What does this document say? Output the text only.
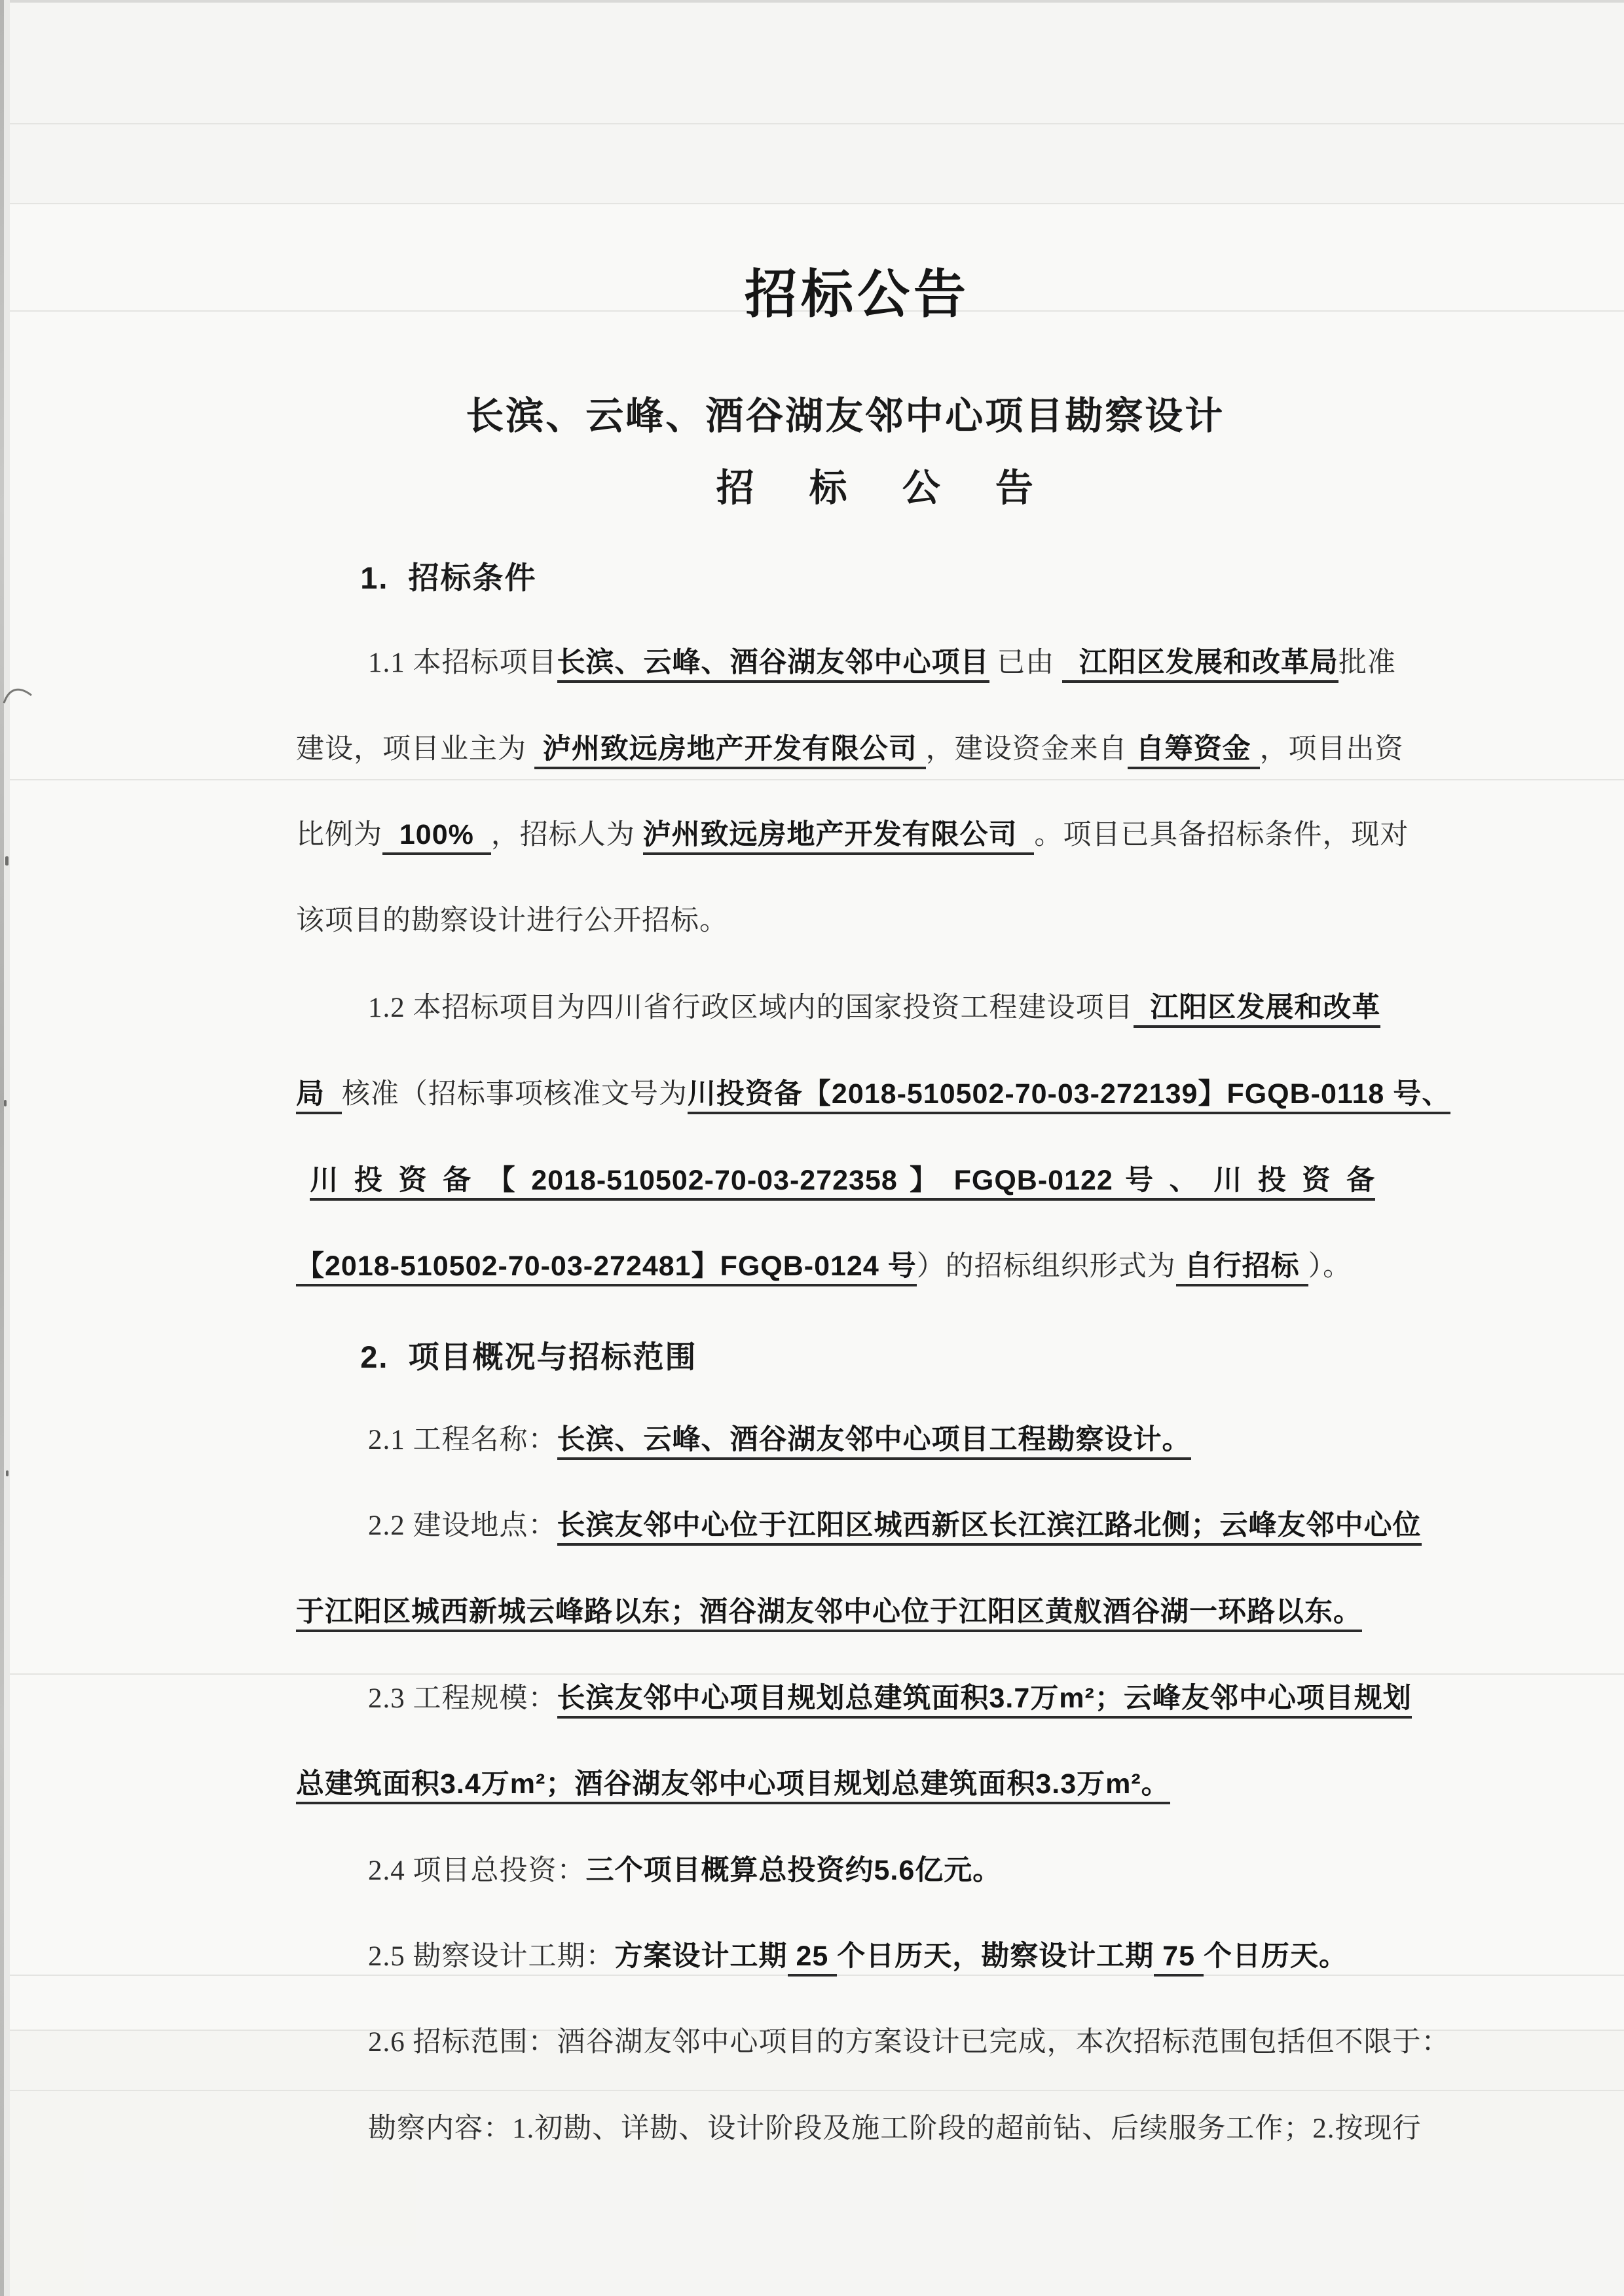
招标公告

长滨、云峰、酒谷湖友邻中心项目勘察设计

招 标 公 告

1.  招标条件

1.1 本招标项目长滨、云峰、酒谷湖友邻中心项目 已由   江阳区发展和改革局批准

建设，项目业主为  泸州致远房地产开发有限公司 ，建设资金来自 自筹资金 ，项目出资

比例为  100%  ，招标人为 泸州致远房地产开发有限公司  。项目已具备招标条件，现对

该项目的勘察设计进行公开招标。

1.2 本招标项目为四川省行政区域内的国家投资工程建设项目  江阳区发展和改革

局  核准（招标事项核准文号为川投资备【2018-510502-70-03-272139】FGQB-0118 号、

川 投 资 备 【 2018-510502-70-03-272358 】 FGQB-0122 号 、 川 投 资 备

【2018-510502-70-03-272481】FGQB-0124 号）的招标组织形式为 自行招标 ）。

2.  项目概况与招标范围

2.1 工程名称：长滨、云峰、酒谷湖友邻中心项目工程勘察设计。

2.2 建设地点：长滨友邻中心位于江阳区城西新区长江滨江路北侧；云峰友邻中心位

于江阳区城西新城云峰路以东；酒谷湖友邻中心位于江阳区黄舣酒谷湖一环路以东。

2.3 工程规模：长滨友邻中心项目规划总建筑面积3.7万m²；云峰友邻中心项目规划

总建筑面积3.4万m²；酒谷湖友邻中心项目规划总建筑面积3.3万m²。

2.4 项目总投资：三个项目概算总投资约5.6亿元。

2.5 勘察设计工期：方案设计工期 25 个日历天，勘察设计工期 75 个日历天。

2.6 招标范围：酒谷湖友邻中心项目的方案设计已完成，本次招标范围包括但不限于：

勘察内容：1.初勘、详勘、设计阶段及施工阶段的超前钻、后续服务工作；2.按现行
